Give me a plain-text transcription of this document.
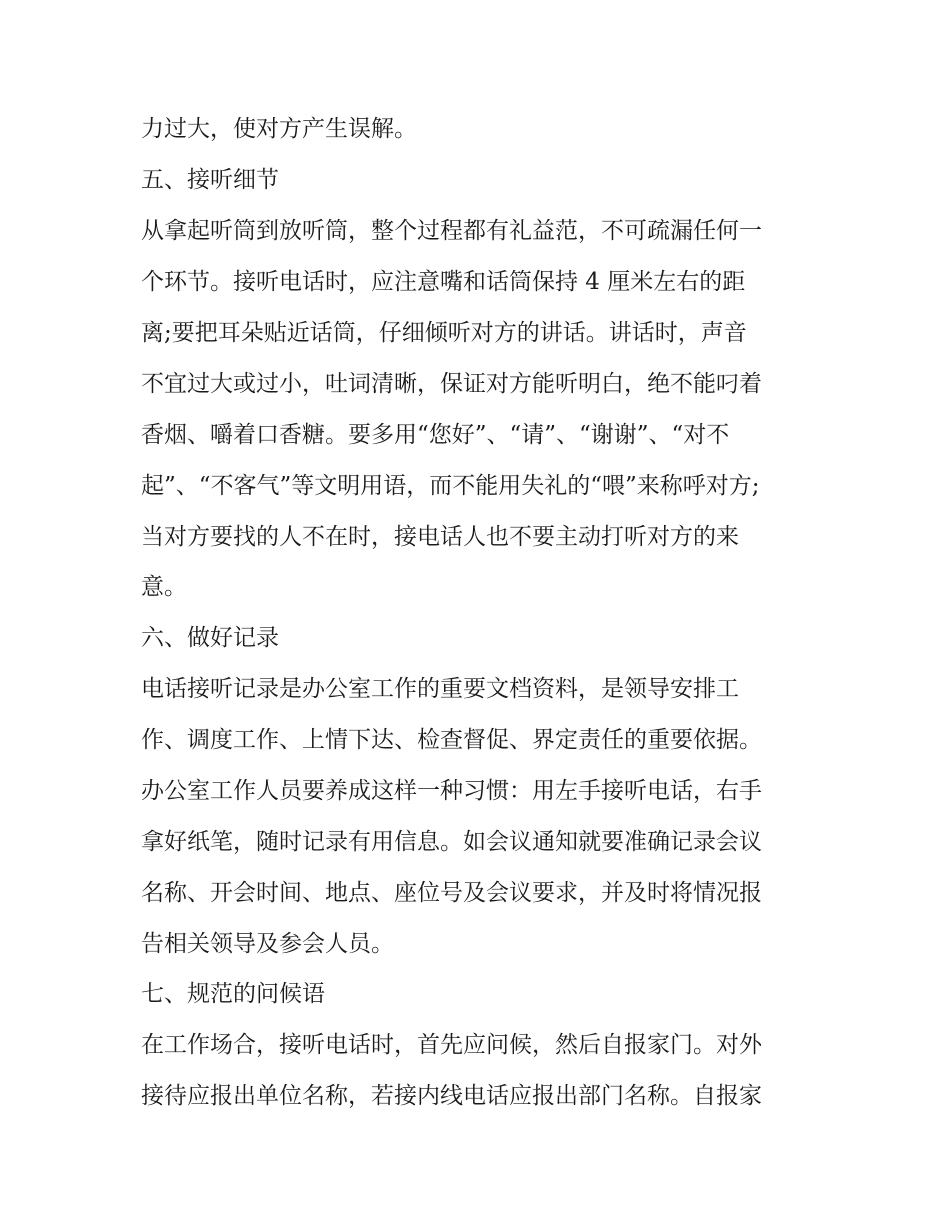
力过大，使对方产生误解。
五、接听细节
从拿起听筒到放听筒，整个过程都有礼益范，不可疏漏任何一
个环节。接听电话时，应注意嘴和话筒保持 4 厘米左右的距
离;要把耳朵贴近话筒，仔细倾听对方的讲话。讲话时，声音
不宜过大或过小，吐词清晰，保证对方能听明白，绝不能叼着
香烟、嚼着口香糖。要多用“您好”、“请”、“谢谢”、“对不
起”、“不客气”等文明用语，而不能用失礼的“喂”来称呼对方;
当对方要找的人不在时，接电话人也不要主动打听对方的来
意。
六、做好记录
电话接听记录是办公室工作的重要文档资料，是领导安排工
作、调度工作、上情下达、检查督促、界定责任的重要依据。
办公室工作人员要养成这样一种习惯：用左手接听电话，右手
拿好纸笔，随时记录有用信息。如会议通知就要准确记录会议
名称、开会时间、地点、座位号及会议要求，并及时将情况报
告相关领导及参会人员。
七、规范的问候语
在工作场合，接听电话时，首先应问候，然后自报家门。对外
接待应报出单位名称，若接内线电话应报出部门名称。自报家
